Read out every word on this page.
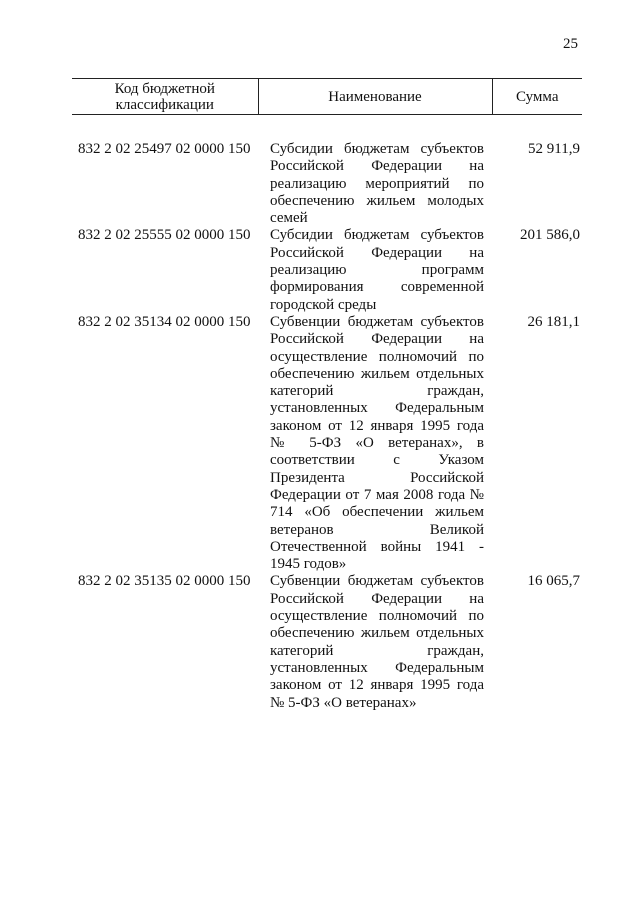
25
Код бюджетной классификации	Наименование	Сумма

832 2 02 25497 02 0000 150	Субсидии бюджетам субъектов Российской Федерации на реализацию мероприятий по обеспечению жильем молодых семей	52 911,9
832 2 02 25555 02 0000 150	Субсидии бюджетам субъектов Российской Федерации на реализацию программ формирования современной городской среды	201 586,0
832 2 02 35134 02 0000 150	Субвенции бюджетам субъектов Российской Федерации на осуществление полномочий по обеспечению жильем отдельных категорий граждан, установленных Федеральным законом от 12 января 1995 года № 5-ФЗ «О ветеранах», в соответствии с Указом Президента Российской Федерации от 7 мая 2008 года № 714 «Об обеспечении жильем ветеранов Великой Отечественной войны 1941 - 1945 годов»	26 181,1
832 2 02 35135 02 0000 150	Субвенции бюджетам субъектов Российской Федерации на осуществление полномочий по обеспечению жильем отдельных категорий граждан, установленных Федеральным законом от 12 января 1995 года № 5-ФЗ «О ветеранах»	16 065,7
